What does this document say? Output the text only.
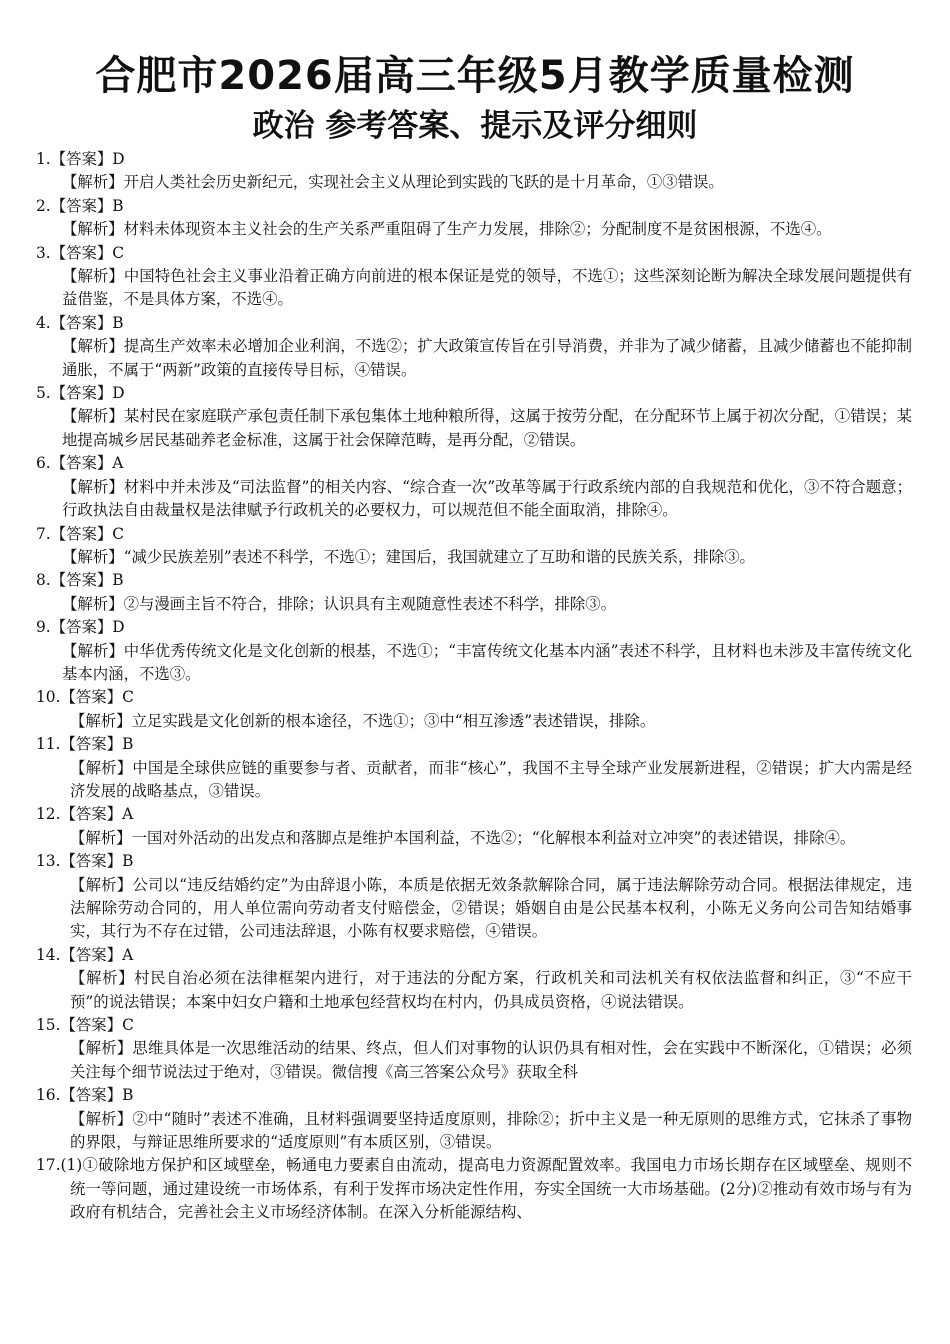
合肥市2026届高三年级5月教学质量检测
政治 参考答案、提示及评分细则
1.【答案】D
【解析】开启人类社会历史新纪元，实现社会主义从理论到实践的飞跃的是十月革命，①③错误。
2.【答案】B
【解析】材料未体现资本主义社会的生产关系严重阻碍了生产力发展，排除②；分配制度不是贫困根源，不选④。
3.【答案】C
【解析】中国特色社会主义事业沿着正确方向前进的根本保证是党的领导，不选①；这些深刻论断为解决全球发展问题提供有益借鉴，不是具体方案，不选④。
4.【答案】B
【解析】提高生产效率未必增加企业利润，不选②；扩大政策宣传旨在引导消费，并非为了减少储蓄，且减少储蓄也不能抑制通胀，不属于“两新”政策的直接传导目标，④错误。
5.【答案】D
【解析】某村民在家庭联产承包责任制下承包集体土地种粮所得，这属于按劳分配，在分配环节上属于初次分配，①错误；某地提高城乡居民基础养老金标准，这属于社会保障范畴，是再分配，②错误。
6.【答案】A
【解析】材料中并未涉及“司法监督”的相关内容、“综合查一次”改革等属于行政系统内部的自我规范和优化，③不符合题意；行政执法自由裁量权是法律赋予行政机关的必要权力，可以规范但不能全面取消，排除④。
7.【答案】C
【解析】“减少民族差别”表述不科学，不选①；建国后，我国就建立了互助和谐的民族关系，排除③。
8.【答案】B
【解析】②与漫画主旨不符合，排除；认识具有主观随意性表述不科学，排除③。
9.【答案】D
【解析】中华优秀传统文化是文化创新的根基，不选①；“丰富传统文化基本内涵”表述不科学，且材料也未涉及丰富传统文化基本内涵，不选③。
10.【答案】C
【解析】立足实践是文化创新的根本途径，不选①；③中“相互渗透”表述错误，排除。
11.【答案】B
【解析】中国是全球供应链的重要参与者、贡献者，而非“核心”，我国不主导全球产业发展新进程，②错误；扩大内需是经济发展的战略基点，③错误。
12.【答案】A
【解析】一国对外活动的出发点和落脚点是维护本国利益，不选②；“化解根本利益对立冲突”的表述错误，排除④。
13.【答案】B
【解析】公司以“违反结婚约定”为由辞退小陈，本质是依据无效条款解除合同，属于违法解除劳动合同。根据法律规定，违法解除劳动合同的，用人单位需向劳动者支付赔偿金，②错误；婚姻自由是公民基本权利，小陈无义务向公司告知结婚事实，其行为不存在过错，公司违法辞退，小陈有权要求赔偿，④错误。
14.【答案】A
【解析】村民自治必须在法律框架内进行，对于违法的分配方案，行政机关和司法机关有权依法监督和纠正，③“不应干预”的说法错误；本案中妇女户籍和土地承包经营权均在村内，仍具成员资格，④说法错误。
15.【答案】C
【解析】思维具体是一次思维活动的结果、终点，但人们对事物的认识仍具有相对性，会在实践中不断深化，①错误；必须关注每个细节说法过于绝对，③错误。微信搜《高三答案公众号》获取全科
16.【答案】B
【解析】②中“随时”表述不准确，且材料强调要坚持适度原则，排除②；折中主义是一种无原则的思维方式，它抹杀了事物的界限，与辩证思维所要求的“适度原则”有本质区别，③错误。
17.(1)①破除地方保护和区域壁垒，畅通电力要素自由流动，提高电力资源配置效率。我国电力市场长期存在区域壁垒、规则不统一等问题，通过建设统一市场体系，有利于发挥市场决定性作用，夯实全国统一大市场基础。(2分)②推动有效市场与有为政府有机结合，完善社会主义市场经济体制。在深入分析能源结构、
